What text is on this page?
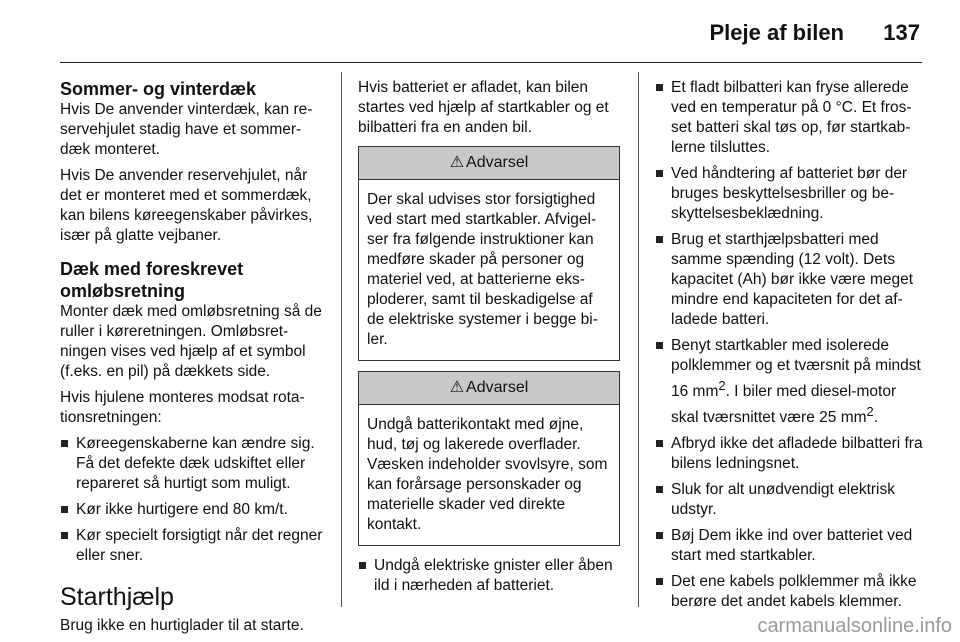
Pleje af bilen 137
Sommer- og vinterdæk

Hvis De anvender vinterdæk, kan re-servehjulet stadig have et sommer-dæk monteret.

Hvis De anvender reservehjulet, når det er monteret med et sommerdæk, kan bilens køreegenskaber påvirkes, især på glatte vejbaner.

Dæk med foreskrevet omløbsretning

Monter dæk med omløbsretning så de ruller i køreretningen. Omløbsret-ningen vises ved hjælp af et symbol (f.eks. en pil) på dækkets side.

Hvis hjulene monteres modsat rota-tionsretningen:

Køreegenskaberne kan ændre sig. Få det defekte dæk udskiftet eller repareret så hurtigt som muligt.
Kør ikke hurtigere end 80 km/t.
Kør specielt forsigtigt når det regner eller sner.
Starthjælp

Brug ikke en hurtiglader til at starte.

Hvis batteriet er afladet, kan bilen startes ved hjælp af startkabler og et bilbatteri fra en anden bil.

⚠ Advarsel
Der skal udvises stor forsigtighed ved start med startkabler. Afvigel-ser fra følgende instruktioner kan medføre skader på personer og materiel ved, at batterierne eks-ploderer, samt til beskadigelse af de elektriske systemer i begge bi-ler.
⚠ Advarsel
Undgå batterikontakt med øjne, hud, tøj og lakerede overflader. Væsken indeholder svovlsyre, som kan forårsage personskader og materielle skader ved direkte kontakt.
Undgå elektriske gnister eller åben ild i nærheden af batteriet.
Et fladt bilbatteri kan fryse allerede ved en temperatur på 0 °C. Et fros-set batteri skal tøs op, før startkab-lerne tilsluttes.
Ved håndtering af batteriet bør der bruges beskyttelsesbriller og be-skyttelsesbeklædning.
Brug et starthjælpsbatteri med samme spænding (12 volt). Dets kapacitet (Ah) bør ikke være meget mindre end kapaciteten for det af-ladede batteri.
Benyt startkabler med isolerede polklemmer og et tværsnit på mindst 16 $mm^2$. I biler med diesel-motor skal tværsnittet være 25 $mm^2$.
Afbryd ikke det afladede bilbatteri fra bilens ledningsnet.
Sluk for alt unødvendigt elektrisk udstyr.
Bøj Dem ikke ind over batteriet ved start med startkabler.
Det ene kabels polklemmer må ikke berøre det andet kabels klemmer.
carmanualsonline.info
